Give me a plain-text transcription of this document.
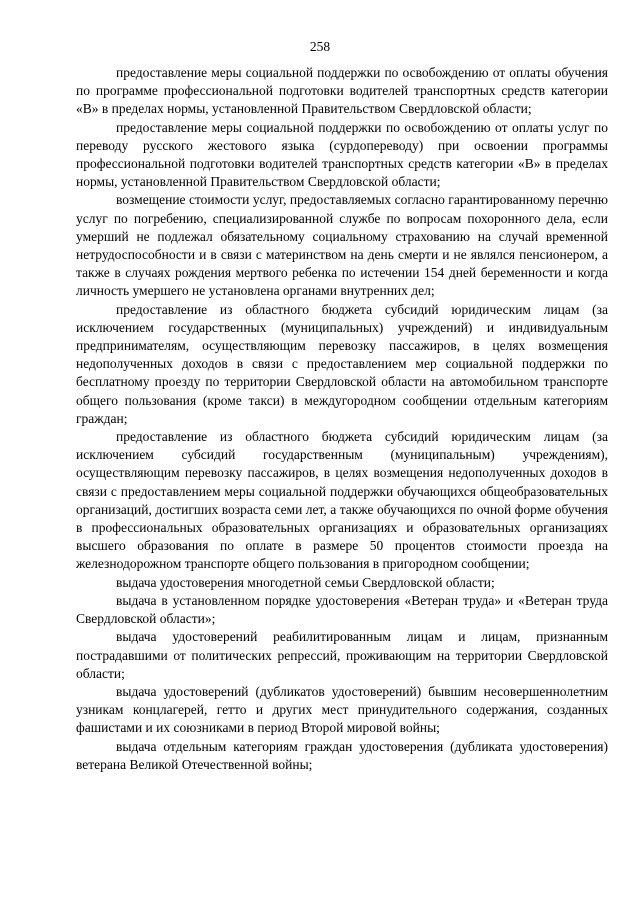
258

предоставление меры социальной поддержки по освобождению от оплаты обучения по программе профессиональной подготовки водителей транспортных средств категории «B» в пределах нормы, установленной Правительством Свердловской области;

предоставление меры социальной поддержки по освобождению от оплаты услуг по переводу русского жестового языка (сурдопереводу) при освоении программы профессиональной подготовки водителей транспортных средств категории «B» в пределах нормы, установленной Правительством Свердловской области;

возмещение стоимости услуг, предоставляемых согласно гарантированному перечню услуг по погребению, специализированной службе по вопросам похоронного дела, если умерший не подлежал обязательному социальному страхованию на случай временной нетрудоспособности и в связи с материнством на день смерти и не являлся пенсионером, а также в случаях рождения мертвого ребенка по истечении 154 дней беременности и когда личность умершего не установлена органами внутренних дел;

предоставление из областного бюджета субсидий юридическим лицам (за исключением государственных (муниципальных) учреждений) и индивидуальным предпринимателям, осуществляющим перевозку пассажиров, в целях возмещения недополученных доходов в связи с предоставлением мер социальной поддержки по бесплатному проезду по территории Свердловской области на автомобильном транспорте общего пользования (кроме такси) в междугородном сообщении отдельным категориям граждан;

предоставление из областного бюджета субсидий юридическим лицам (за исключением субсидий государственным (муниципальным) учреждениям), осуществляющим перевозку пассажиров, в целях возмещения недополученных доходов в связи с предоставлением меры социальной поддержки обучающихся общеобразовательных организаций, достигших возраста семи лет, а также обучающихся по очной форме обучения в профессиональных образовательных организациях и образовательных организациях высшего образования по оплате в размере 50 процентов стоимости проезда на железнодорожном транспорте общего пользования в пригородном сообщении;

выдача удостоверения многодетной семьи Свердловской области;

выдача в установленном порядке удостоверения «Ветеран труда» и «Ветеран труда Свердловской области»;

выдача удостоверений реабилитированным лицам и лицам, признанным пострадавшими от политических репрессий, проживающим на территории Свердловской области;

выдача удостоверений (дубликатов удостоверений) бывшим несовершеннолетним узникам концлагерей, гетто и других мест принудительного содержания, созданных фашистами и их союзниками в период Второй мировой войны;

выдача отдельным категориям граждан удостоверения (дубликата удостоверения) ветерана Великой Отечественной войны;
